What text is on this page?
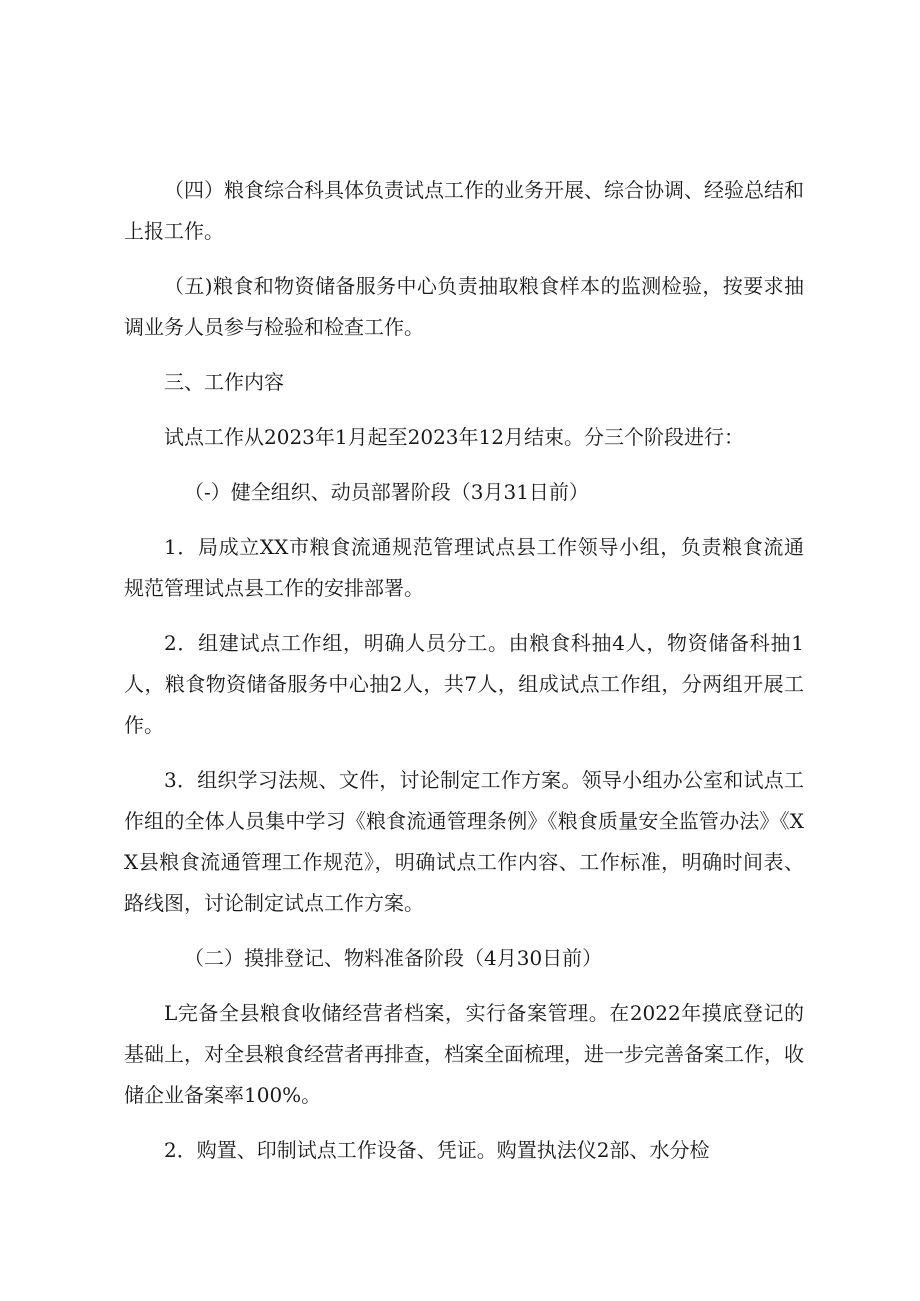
（四）粮食综合科具体负责试点工作的业务开展、综合协调、经验总结和上报工作。

（五)粮食和物资储备服务中心负责抽取粮食样本的监测检验，按要求抽调业务人员参与检验和检查工作。

三、工作内容

试点工作从2023年1月起至2023年12月结束。分三个阶段进行：

（-）健全组织、动员部署阶段（3月31日前）

1．局成立XX市粮食流通规范管理试点县工作领导小组，负责粮食流通规范管理试点县工作的安排部署。

2．组建试点工作组，明确人员分工。由粮食科抽4人，物资储备科抽1人，粮食物资储备服务中心抽2人，共7人，组成试点工作组，分两组开展工作。

3．组织学习法规、文件，讨论制定工作方案。领导小组办公室和试点工作组的全体人员集中学习《粮食流通管理条例》《粮食质量安全监管办法》《XX县粮食流通管理工作规范》，明确试点工作内容、工作标准，明确时间表、路线图，讨论制定试点工作方案。

（二）摸排登记、物料准备阶段（4月30日前）

L完备全县粮食收储经营者档案，实行备案管理。在2022年摸底登记的基础上，对全县粮食经营者再排查，档案全面梳理，进一步完善备案工作，收储企业备案率100%。

2．购置、印制试点工作设备、凭证。购置执法仪2部、水分检
